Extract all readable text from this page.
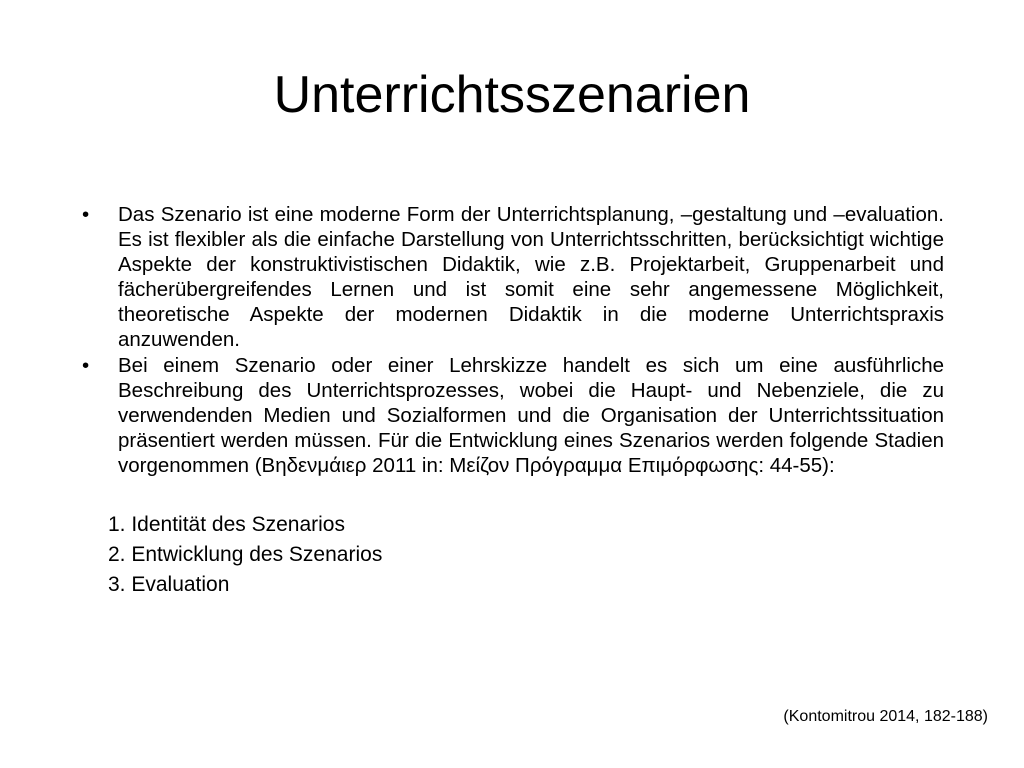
Unterrichtsszenarien
•	Das Szenario ist eine moderne Form der Unterrichtsplanung, –gestaltung und –evaluation. Es ist flexibler als die einfache Darstellung von Unterrichtsschritten, berücksichtigt wichtige Aspekte der konstruktivistischen Didaktik, wie z.B. Projektarbeit, Gruppenarbeit und fächerübergreifendes Lernen und ist somit eine sehr angemessene Möglichkeit, theoretische Aspekte der modernen Didaktik in die moderne Unterrichtspraxis anzuwenden.
•	Bei einem Szenario oder einer Lehrskizze handelt es sich um eine ausführliche Beschreibung des Unterrichtsprozesses, wobei die Haupt- und Nebenziele, die zu verwendenden Medien und Sozialformen und die Organisation der Unterrichtssituation präsentiert werden müssen. Für die Entwicklung eines Szenarios werden folgende Stadien vorgenommen (Βηδενμάιερ 2011 in: Μείζον Πρόγραμμα Επιμόρφωσης: 44-55):
1. Identität des Szenarios
2. Entwicklung des Szenarios
3. Evaluation
(Kontomitrou 2014, 182-188)
